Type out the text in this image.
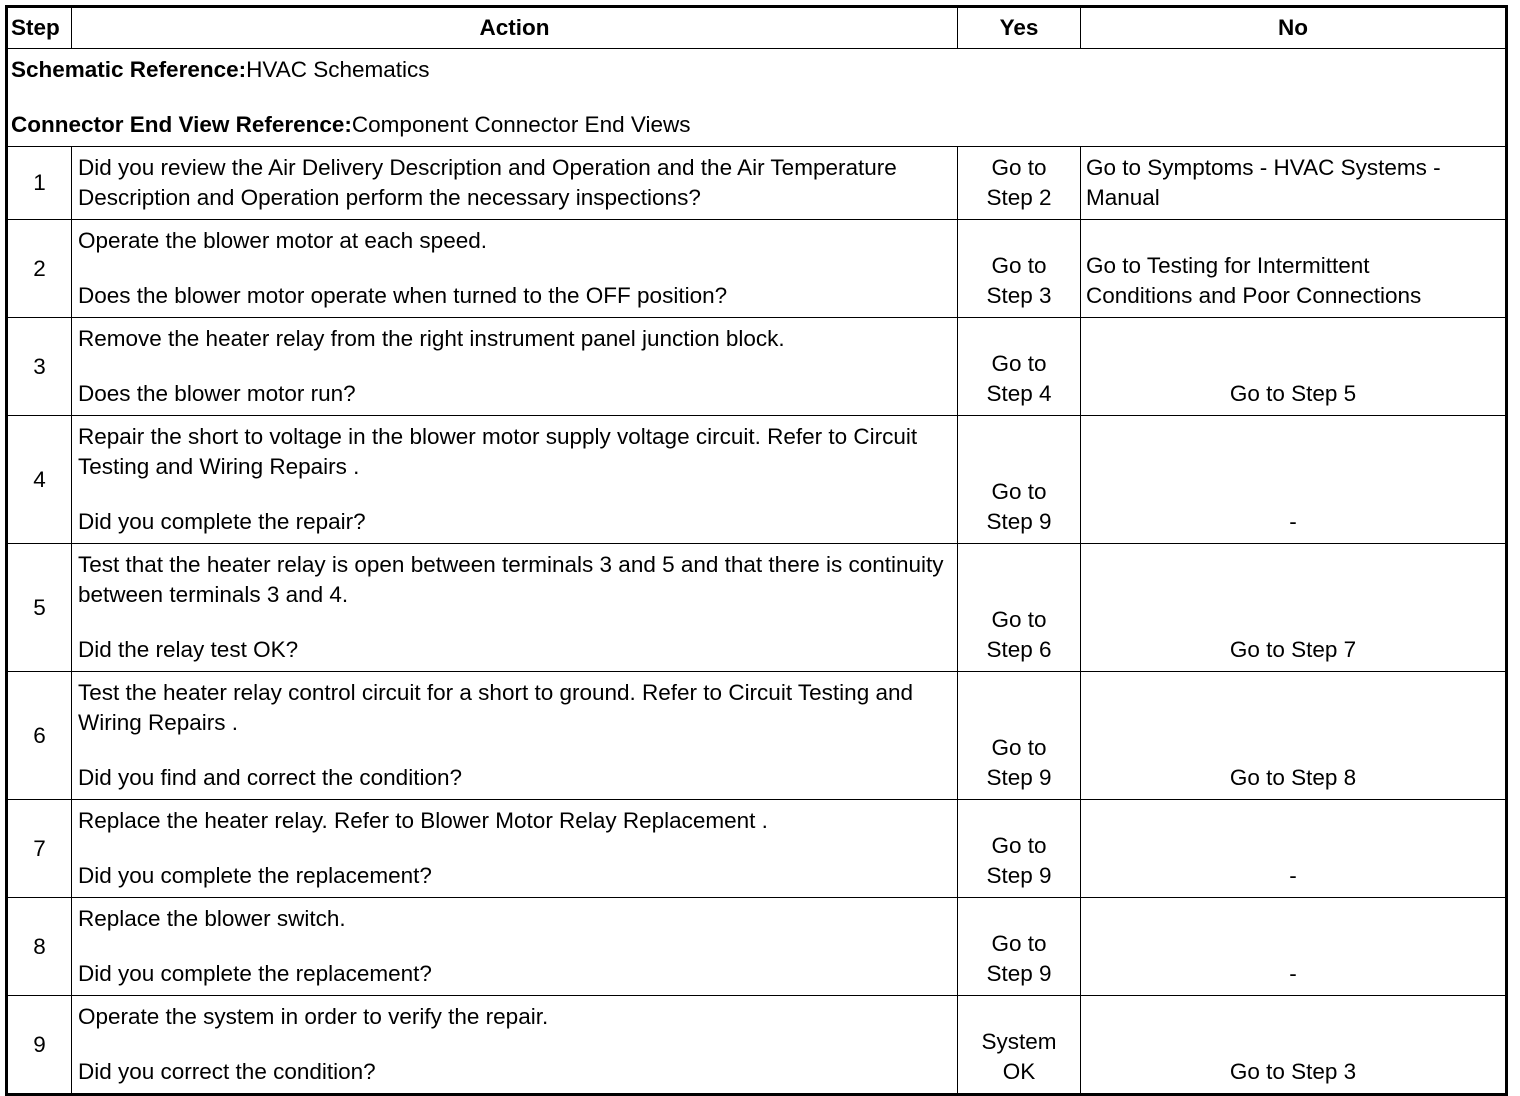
Step	Action	Yes	No

Schematic Reference:HVAC Schematics
Connector End View Reference:Component Connector End Views			

1	Did you review the Air Delivery Description and Operation and the Air Temperature Description and Operation perform the necessary inspections?	Go to
Step 2	Go to Symptoms - HVAC Systems -
Manual

2	Operate the blower motor at each speed.
Does the blower motor operate when turned to the OFF position?	Go to
Step 3	Go to Testing for Intermittent
Conditions and Poor Connections

3	Remove the heater relay from the right instrument panel junction block.
Does the blower motor run?	Go to
Step 4	Go to Step 5

4	Repair the short to voltage in the blower motor supply voltage circuit. Refer to Circuit Testing and Wiring Repairs .
Did you complete the repair?	Go to
Step 9	-

5	Test that the heater relay is open between terminals 3 and 5 and that there is continuity between terminals 3 and 4.
Did the relay test OK?	Go to
Step 6	Go to Step 7

6	Test the heater relay control circuit for a short to ground. Refer to Circuit Testing and Wiring Repairs .
Did you find and correct the condition?	Go to
Step 9	Go to Step 8

7	Replace the heater relay. Refer to Blower Motor Relay Replacement .
Did you complete the replacement?	Go to
Step 9	-

8	Replace the blower switch.
Did you complete the replacement?	Go to
Step 9	-

9	Operate the system in order to verify the repair.
Did you correct the condition?	System
OK	Go to Step 3
